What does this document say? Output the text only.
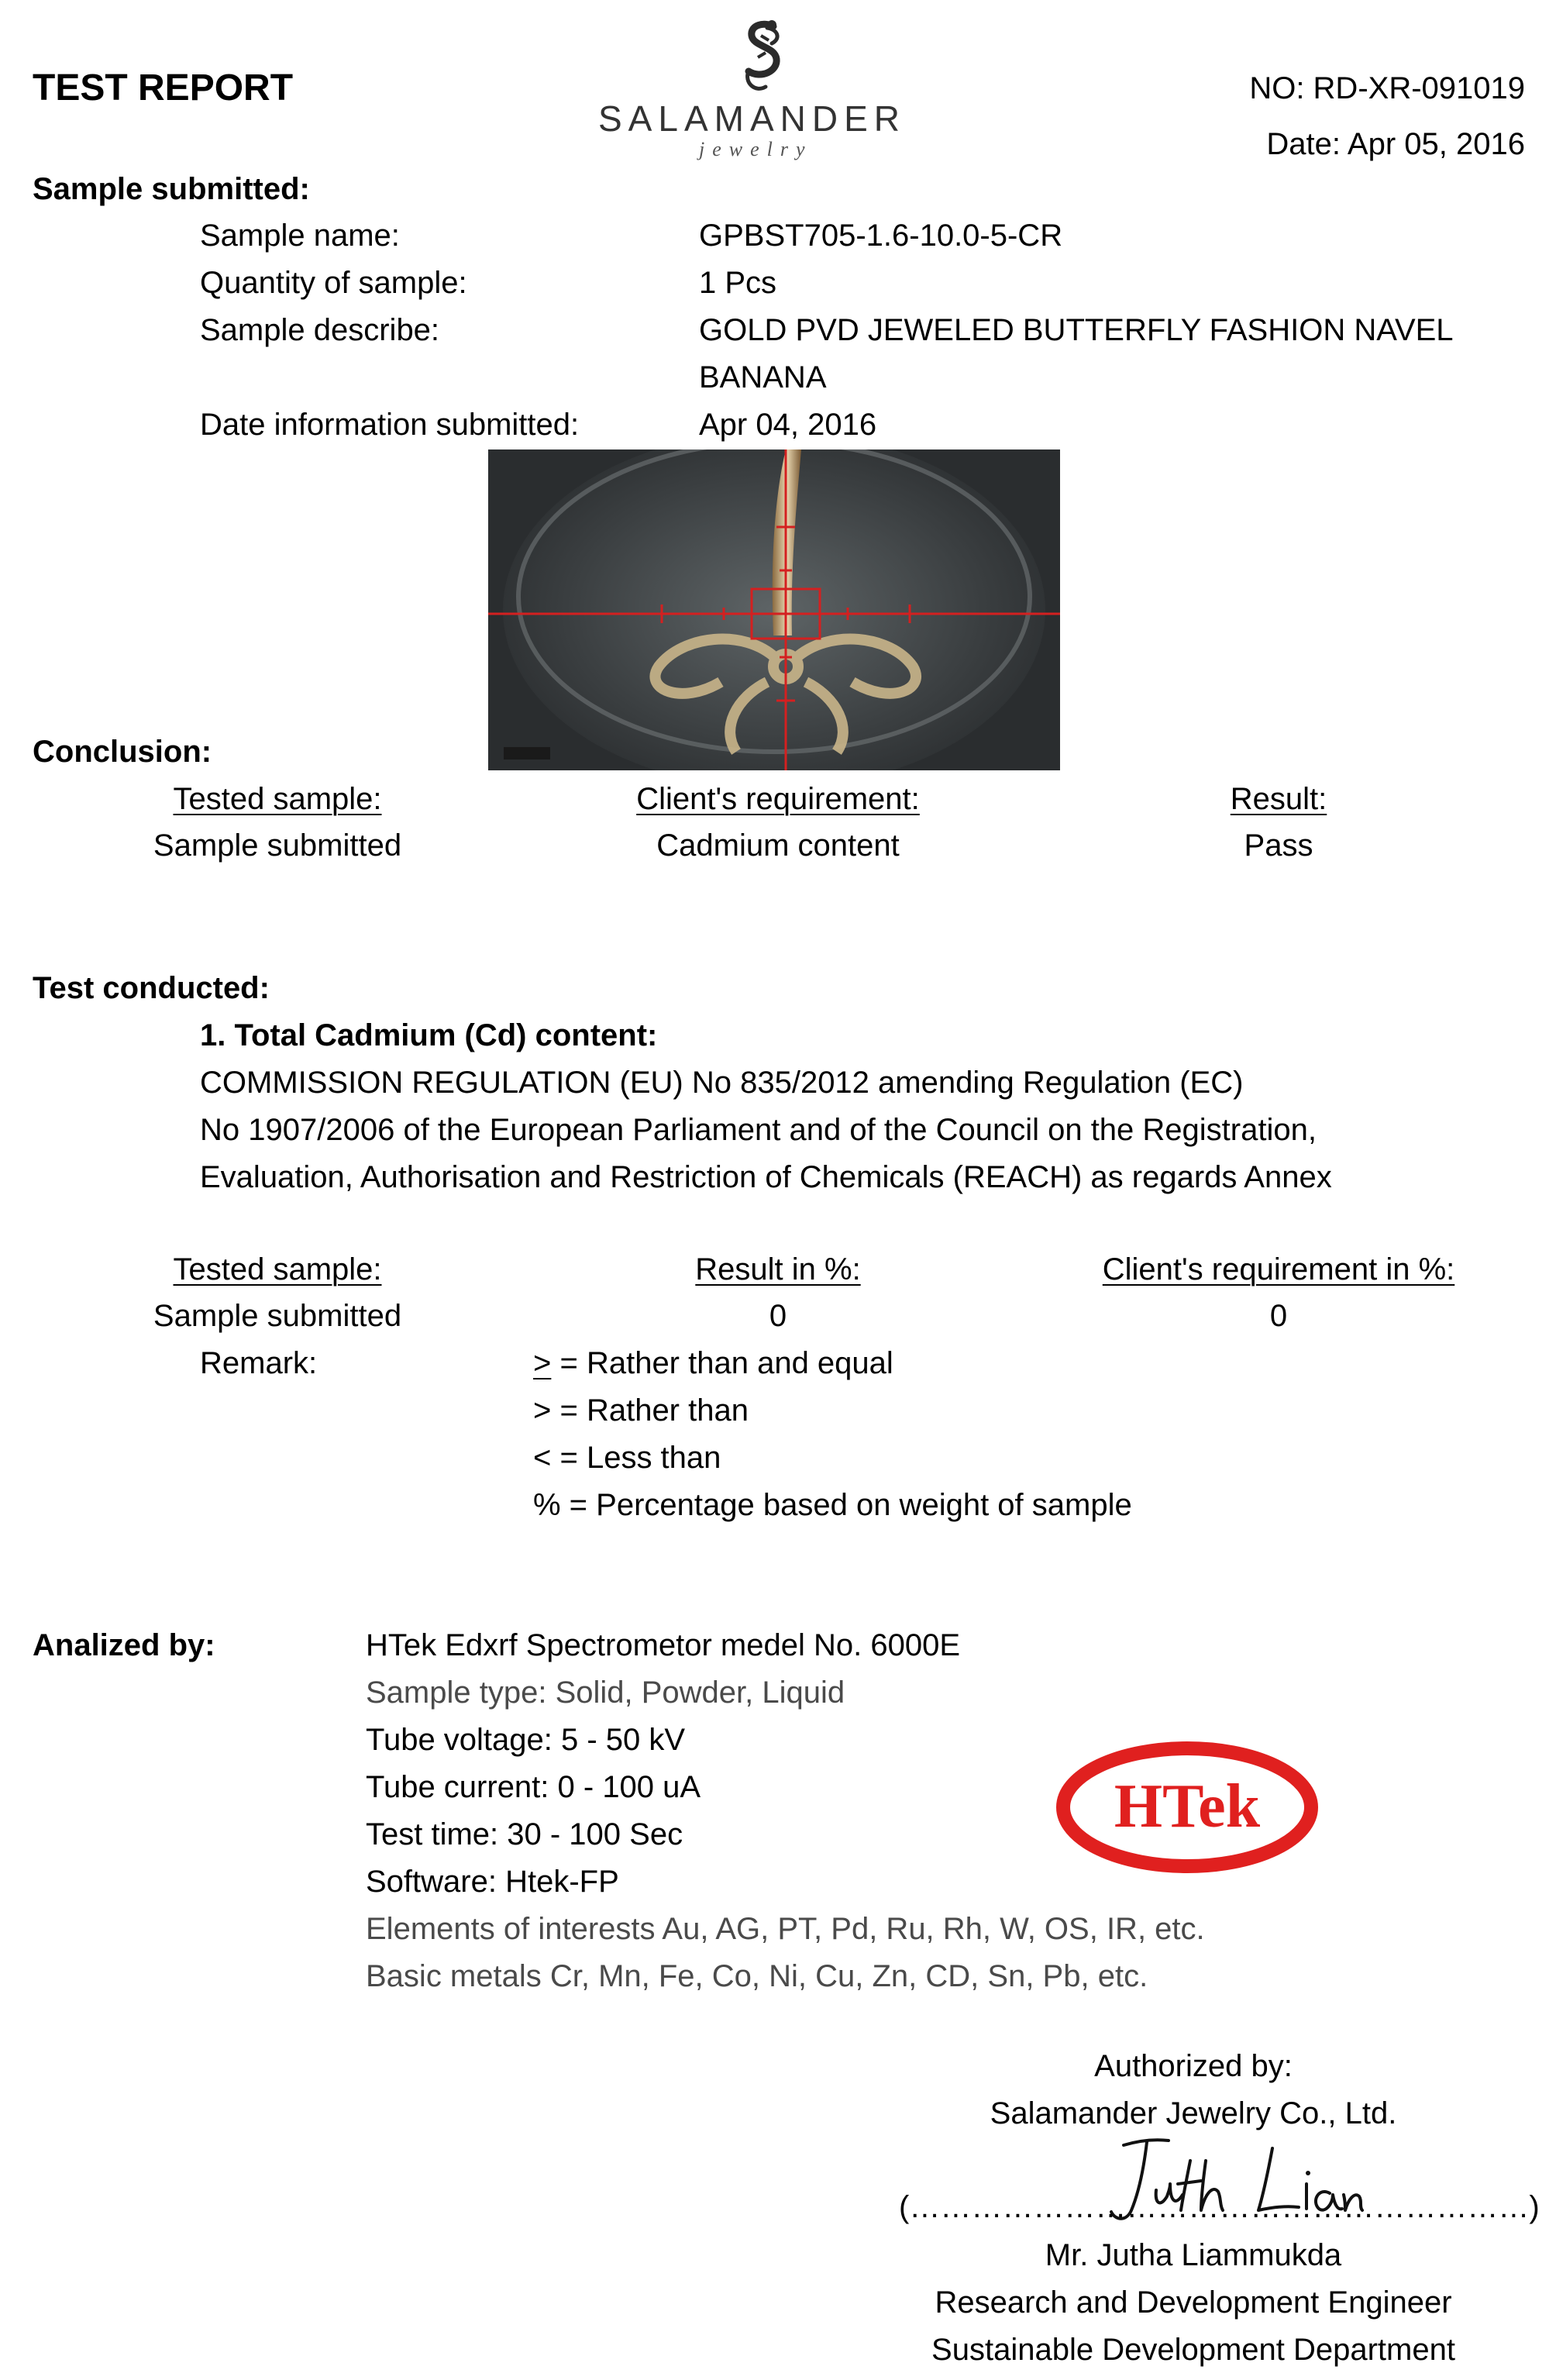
TEST REPORT
SALAMANDER
jewelry
NO: RD-XR-091019
Date: Apr 05, 2016
Sample submitted:
Sample name:	GPBST705-1.6-10.0-5-CR
Quantity of sample:	1 Pcs
Sample describe:	GOLD PVD JEWELED BUTTERFLY FASHION NAVEL
BANANA
Date information submitted:	Apr 04, 2016
Conclusion:
Tested sample:	Client's requirement:	Result:
Sample submitted	Cadmium content	Pass
Test conducted:
1. Total Cadmium (Cd) content:
COMMISSION REGULATION (EU) No 835/2012 amending Regulation (EC)
No 1907/2006 of the European Parliament and of the Council on the Registration,
Evaluation, Authorisation and Restriction of Chemicals (REACH) as regards Annex
Tested sample:	Result in %:	Client's requirement in %:
Sample submitted	0	0
Remark:	> = Rather than and equal
> = Rather than
< = Less than
% = Percentage based on weight of sample
Analized by:	HTek Edxrf Spectrometor medel No. 6000E
Sample type: Solid, Powder, Liquid
Tube voltage: 5 - 50 kV
Tube current: 0 - 100 uA
Test time: 30 - 100 Sec
Software: Htek-FP
Elements of interests Au, AG, PT, Pd, Ru, Rh, W, OS, IR, etc.
Basic metals Cr, Mn, Fe, Co, Ni, Cu, Zn, CD, Sn, Pb, etc.
HTek
Authorized by:
Salamander Jewelry Co., Ltd.
(……………………………………………………)
Mr. Jutha Liammukda
Research and Development Engineer
Sustainable Development Department
